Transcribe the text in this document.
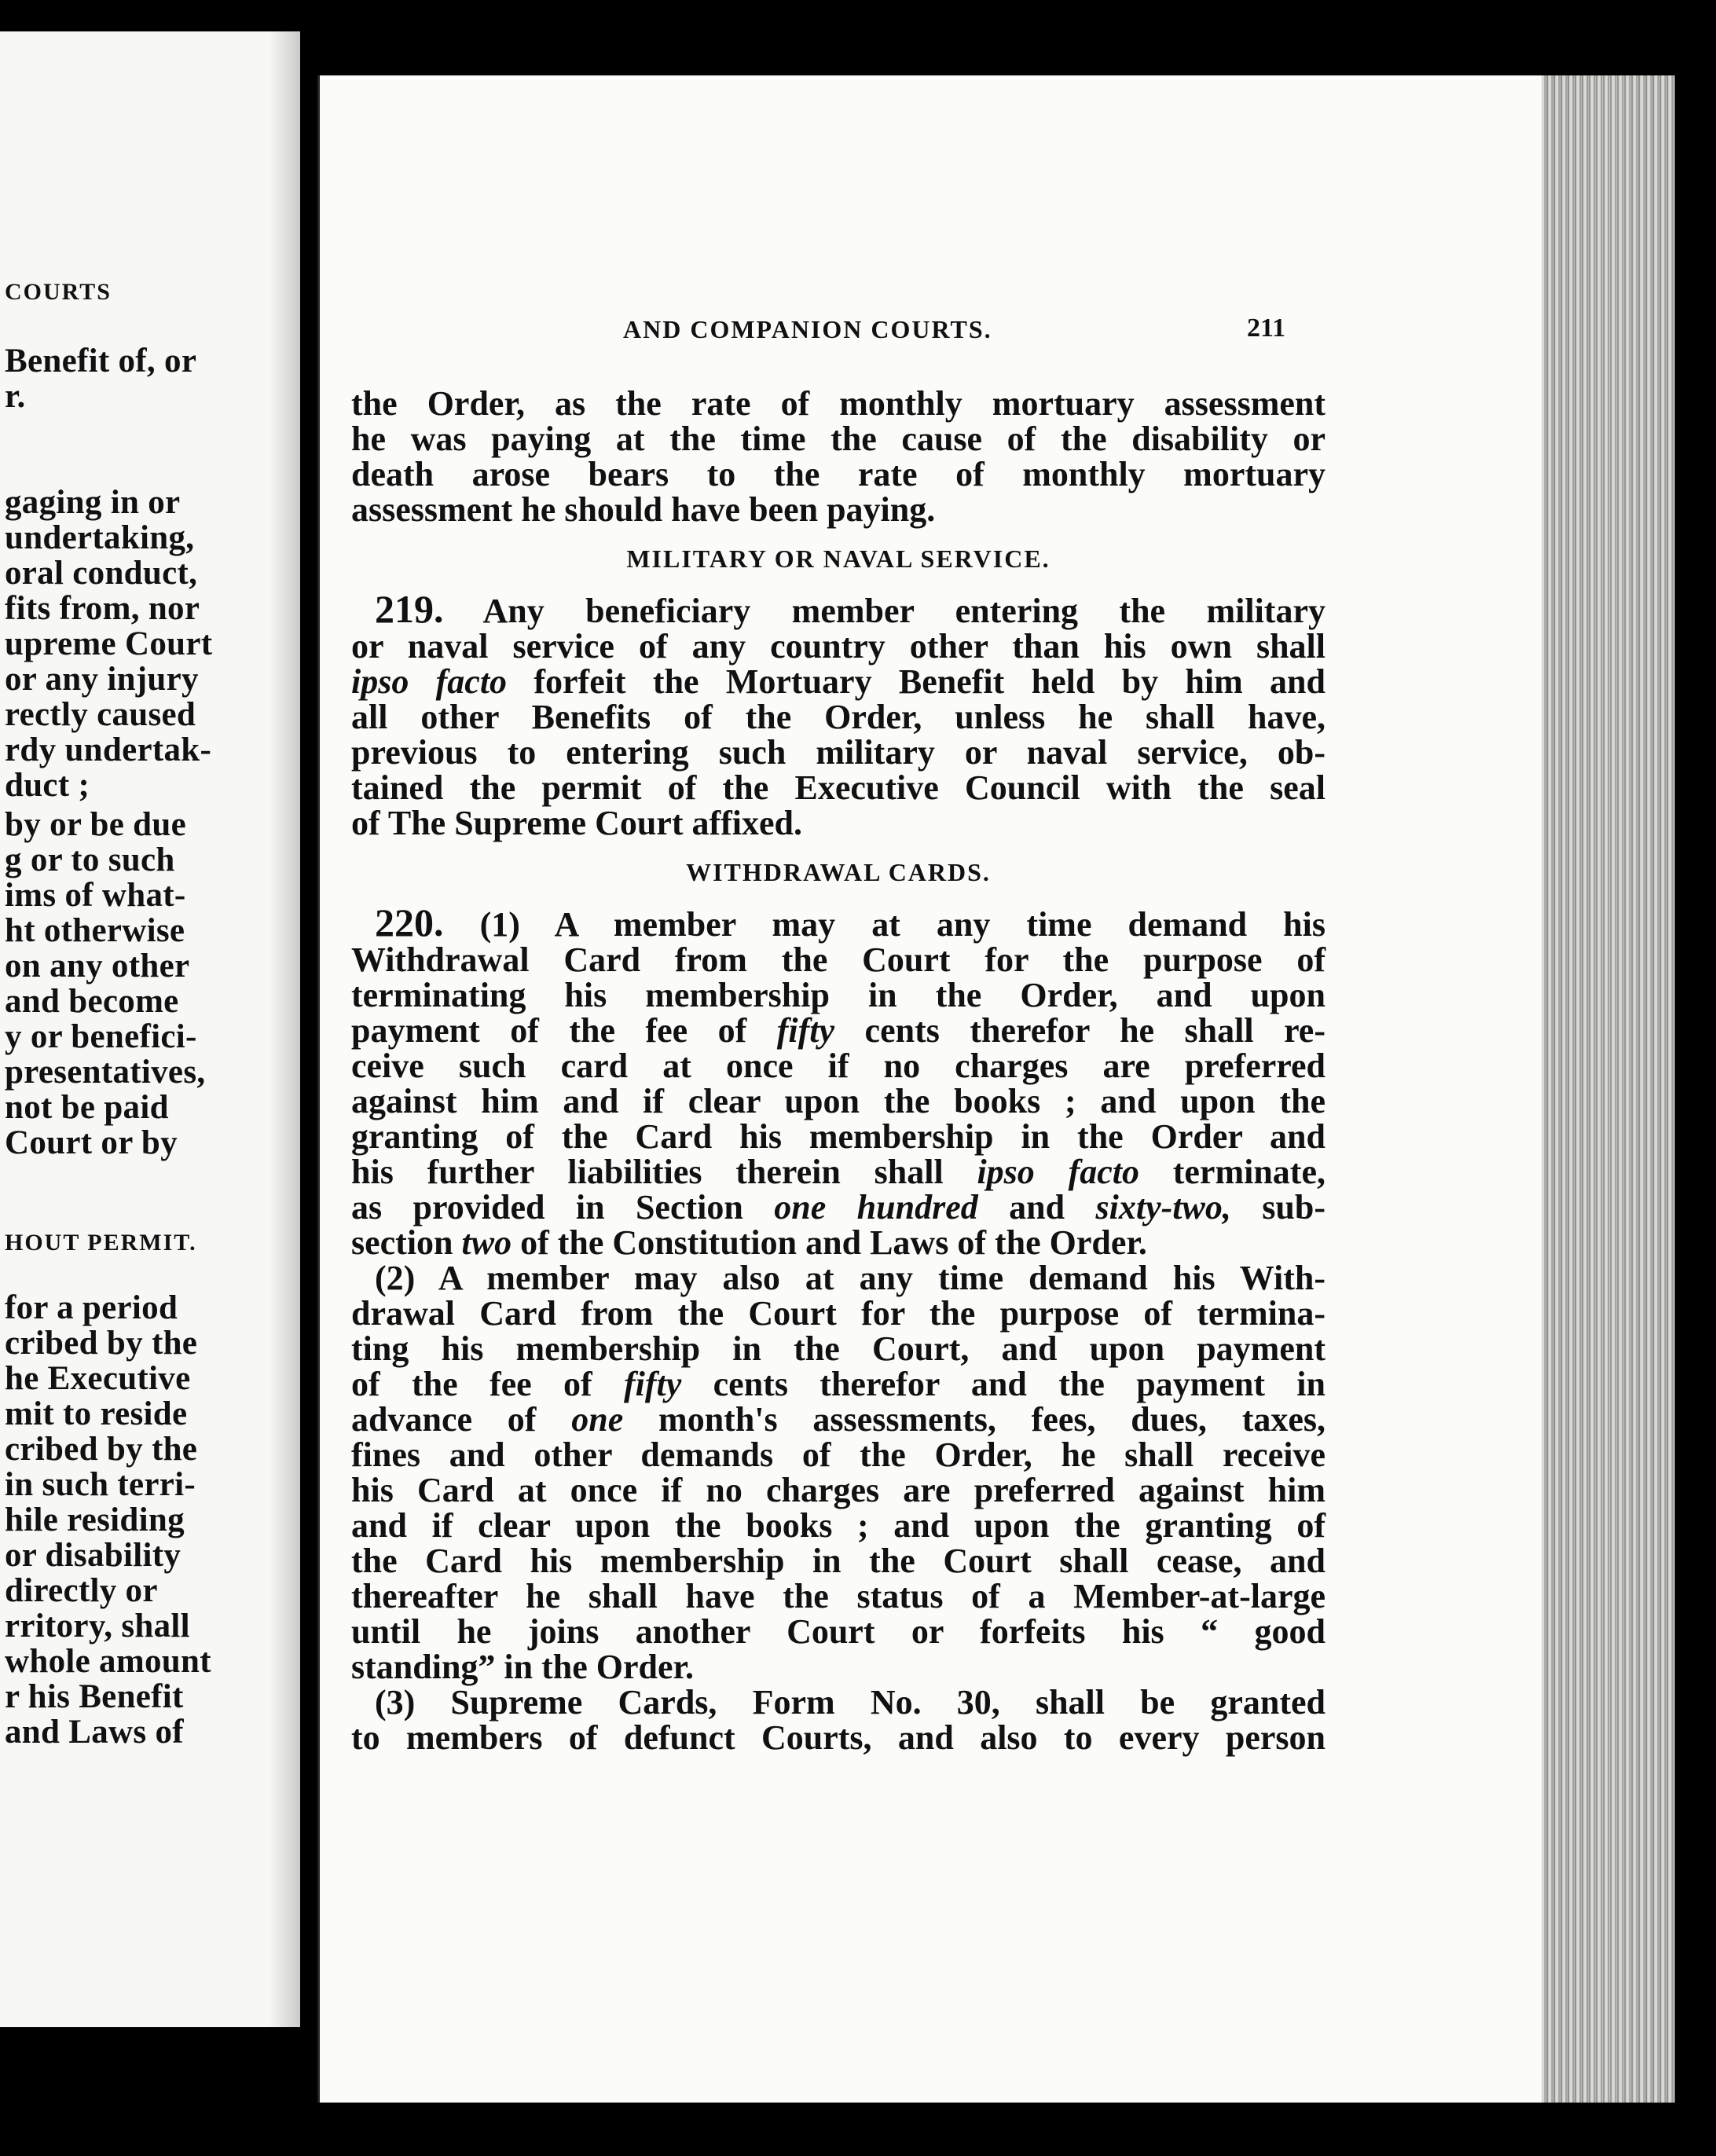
COURTS
Benefit of, or
r.
gaging in or
undertaking,
oral conduct,
fits from, nor
upreme Court
or any injury
rectly caused
rdy undertak-
duct ;
by or be due
g or to such
ims of what-
ht otherwise
on any other
and become
y or benefici-
presentatives,
not be paid
Court or by
HOUT PERMIT.
for a period
cribed by the
he Executive
mit to reside
cribed by the
in such terri-
hile residing
or disability
directly or
rritory, shall
whole amount
r his Benefit
and Laws of
AND COMPANION COURTS.	211
the Order, as the rate of monthly mortuary assessment
he was paying at the time the cause of the disability or
death arose bears to the rate of monthly mortuary
assessment he should have been paying.
MILITARY OR NAVAL SERVICE.
219. Any beneficiary member entering the military
or naval service of any country other than his own shall
ipso facto forfeit the Mortuary Benefit held by him and
all other Benefits of the Order, unless he shall have,
previous to entering such military or naval service, ob-
tained the permit of the Executive Council with the seal
of The Supreme Court affixed.
WITHDRAWAL CARDS.
220. (1) A member may at any time demand his
Withdrawal Card from the Court for the purpose of
terminating his membership in the Order, and upon
payment of the fee of fifty cents therefor he shall re-
ceive such card at once if no charges are preferred
against him and if clear upon the books ; and upon the
granting of the Card his membership in the Order and
his further liabilities therein shall ipso facto terminate,
as provided in Section one hundred and sixty-two, sub-
section two of the Constitution and Laws of the Order.
(2) A member may also at any time demand his With-
drawal Card from the Court for the purpose of termina-
ting his membership in the Court, and upon payment
of the fee of fifty cents therefor and the payment in
advance of one month's assessments, fees, dues, taxes,
fines and other demands of the Order, he shall receive
his Card at once if no charges are preferred against him
and if clear upon the books ; and upon the granting of
the Card his membership in the Court shall cease, and
thereafter he shall have the status of a Member-at-large
until he joins another Court or forfeits his “ good
standing” in the Order.
(3) Supreme Cards, Form No. 30, shall be granted
to members of defunct Courts, and also to every person
